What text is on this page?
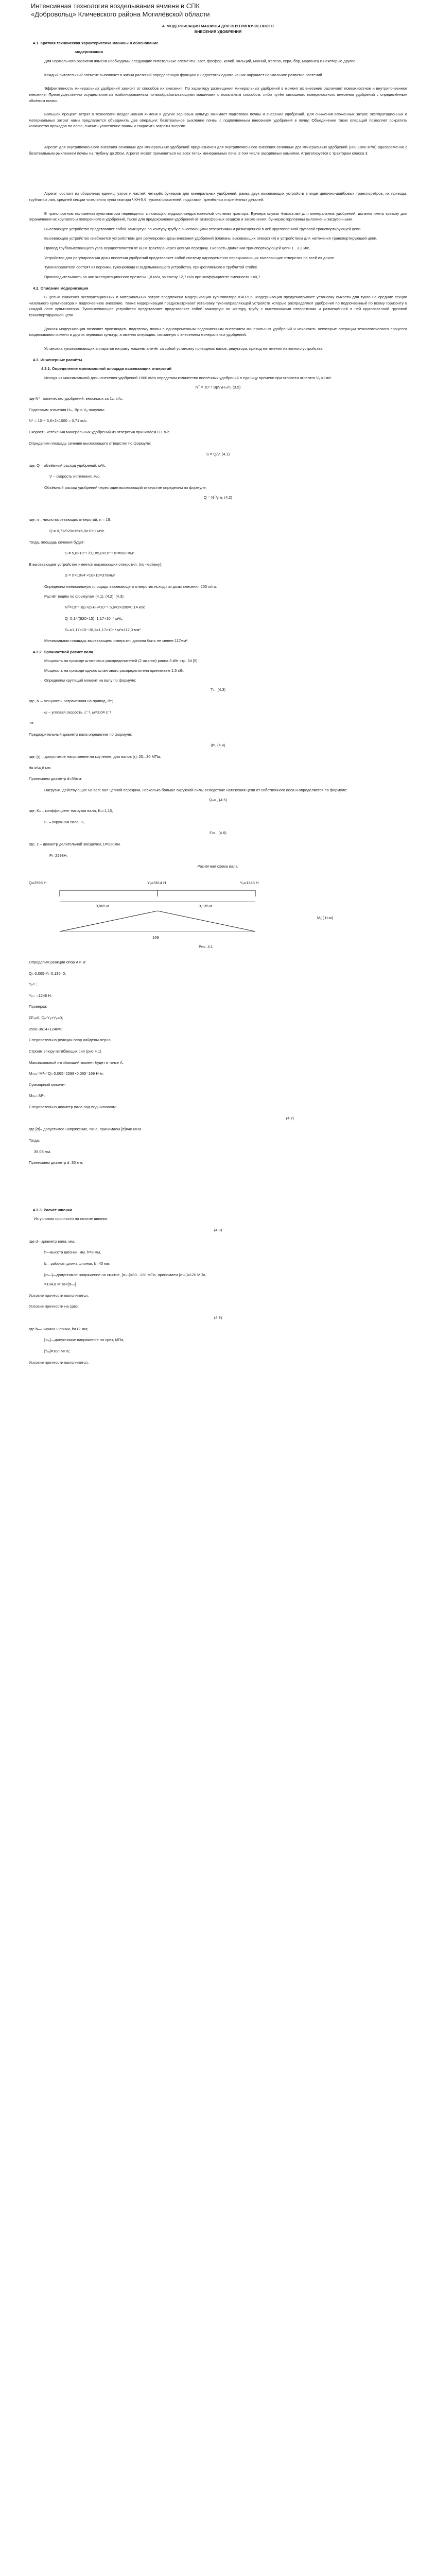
Интенсивная технология возделывания ячменя в СПК
«Добровольц» Кличевского района Могилёвской области
4. МОДЕРНИЗАЦИЯ МАШИНЫ ДЛЯ ВНУТРИПОЧВЕННОГО
ВНЕСЕНИЯ УДОБРЕНИЯ
4.1. Краткая техническая характеристика машины в обоснование
модернизации

Для нормального развития ячменя необходимы следующие питательные элементы: азот, фосфор, калий, кальций, магний, железо, сера, бор, марганец и некоторые другие.

Каждый питательный элемент выполняет в жизни растений определённую функцию и недостаток одного из них нарушает нормальное развитие растений.

Эффективность минеральных удобрений зависит от способов их внесения. По характеру размещения минеральных удобрений в момент их внесения различают поверхностное и внутрипочвенное внесение. Преимущественно осуществляется комбинированным почвообрабатывающими машинами с локальным способом, либо путём сплошного поверхностного внесения удобрений с определённым объёмом почвы.

Большой процент затрат в технологии возделывания ячменя и других зерновых культур занимает подготовка почвы и внесение удобрений. Для снижения вложенных затрат, эксплуатационных и материальных затрат нами предлагается объединить две операции: безотвальное рыхление почвы с подпочвенным внесением удобрений в почву. Объединение таких операций позволяет сократить количество проходов по полю, снизить уплотнение почвы и сократить затраты энергии.

Агрегат для внутрипочвенного внесения основных доз минеральных удобрений предназначен для внутрипочвенного внесения основных доз минеральных удобрений (200-1000 кг/га) одновременно с безотвальным рыхлением почвы на глубину до 20см. Агрегат может применяться на всех типах минеральных почв, в том числе засорённых камнями. Агрегатируется с трактором класса 3.

Агрегат состоит из сборочных единиц, узлов и частей: четырёх бункеров для минеральных удобрений, рамы, двух высевающих устройств в виде цепочно-шайбовых транспортёров, их привода, трубчатых лап, средней секции чизельного культиватора ЧКН-5,6, туконаправителей, подставки, крепёжных и крепёжных деталей.

В транспортном положении культиватора переводится с помощью гидроцилиндра навесной системы трактора. Бункера служат ёмкостями для минеральных удобрений, должны иметь крышку для ограничения их кругового и поперечного и удобрений, также для предохранения удобрений от атмосферных осадков и загрязнения, бункерах горловины выполнены загрузочными.

Высевающее устройство представляет собой замкнутую по контуру трубу с высевающими отверстиями и размещённой в ней круглозвенной грузовой транспортирующей цепи.

Высевающее устройство снабжается устройством для регулировки дозы внесения удобрений (клапаны высевающих отверстий) и устройством для натяжения транспортирующей цепи.

Привод трубовысевающего узла осуществляется от ВОМ трактора через цепную передачу. Скорость движения транспортирующей цепи 1...3,2 м/с.

Устройство для регулирования дозы внесения удобрений представляет собой систему одновременно перекрывающих высевающие отверстия по всей их длине.

Туконаправители состоят из воронки, туконровода и задельнвающего устройства, прикрепляемого к трубчатой стойке.

Производительность за час эксплуатационного времени 1,8 га/ч, за смену 12,7 га/ч при коэффициенте сменности К=0,7.

4.2. Описание модернизации

С целью снижения эксплуатационных и материальных затрат предложена модернизация культиватора КЧН-5,6. Модернизация предусматривает установку емкости для тукав на средние секции чизельного культиватора и подпочвенное внесение. Также модернизация предусматривает установку туконаправляющей устройств которые распределяют удобрения по подпочвенный по всему горизонту в каждой лапе культиватора. Туковысевающее устройство представляет представляет собой замкнутую по контуру трубу с высевающими отверстиями и размещённой в ней круглозвенной грузовой транспортирующей цепи.

Данная модернизация позволит производить подготовку почвы с одновременным подпочвенным внесением минеральных удобрений и исключить некоторые операции технологического процесса возделывания ячменя и других зерновых культур, а именно операцию, связанную с внесением минеральных удобрений.

Установка туковысевающих аппаратов на раму машины влечёт за собой установку приводных валов, редуктора, привод натяжения натяжного устройства.

4.3. Инженерные расчёты
4.3.1. Определение минимальной площади высевающих отверстий

Исходя из максимальной дозы внесения удобрений 1000 кг/га определим количество внесённых удобрений в единицу времени при скорости агрегата Vₐ =2м/с.

Nᵀ = 10⁻⁴ BpVₐHₘ/n, (3.5)
где Nᵀ– количество удобрений, вносимых за 1с, кг/с.
Подставим значения Hₘ, Bр и Vₐ получим:
Nᵀ = 10⁻⁴ 5,6×2×1000 = 0,71 кг/с.
Скорость истечения минеральных удобрений из отверстия принимаем 0,1 м/с.
Определим площадь сечения высевающего отверстия по формуле:
S = Q/V, (4.1)
где, Q – объёмный расход удобрений, м³/с;
V – скорость истечения, м/с.

Объёмный расход удобрений через один высевающий отверстие определим по формуле:

Q = Nᵀ/γ·n, (4.2)
где, n – число высевающих отверстий, n = 19.
Q = 0,71/920×15=5,8×10⁻⁵ м³/с.
Тогда, площадь сечения будет:
S = 5,8×10⁻⁵ /0,1=5,8×10⁻⁴ м²=580 мм²
В высевающем устройстве имеется высевающих отверстия: (по чертежу):
S = π×10²/4 ×10×10=378мм²

Определим минимальную площадь высевающего отверстия исходя из дозы внесения 200 кг/га:

Расчёт ведём по формулам (4.1), (4.2), (4.3):
Nᵀ=10⁻⁴·Bр·Vр·Hₘ=10⁻⁴·5,6×2×200=0,14 кг/с
Q=0,14/(920×15)=1,17×10⁻⁵ м³/с.
Sₘ=1,17×10⁻⁵/0,1=1,17×10⁻⁴ м²=117,0 мм²

Минимальная площадь высевающего отверстия должна быть не менее 117мм².

4.3.2. Прочностной расчет вала.

Мощность на приводе штанговых распределителей (2 штанги) равна 3 кВт стр. 34 [5].

Мощность на приводе одного штангового распределителя принимаем 1,5 кВт.

Определим крутящий момент на валу по формуле:

Tₙ , (4.3)
где, N – мощность, затраченная на привод, Вт;
ω – угловая скорость, с⁻¹, ω=3,04 с⁻¹
T=
Предварительный диаметр вала определим по формуле:
d=, (4.4)
где, [τ] – допустимое напряжение на кручение, для валов [τ]=25...30 МПа.
d= =54,8 мм.
Принимаем диаметр d=35мм.

Нагрузки, действующие на вал: вал цепной передачи, несколько больше окружной силы вследствие натяжения цепи от собственного веса и определяется по формуле:

Qₙ= , (4.5)
где, Kₙ – коэффициент нагрузки вала, Kₙ=1,15,
Fₜ – окружная сила, Н,
Fₜ= , (4.6)
где, z – диаметр делительной звездочки, D=230мм.
Fₜ=2598Н.
Расчётная схема вала.
Q=2598 Н	Yₐ=3614 Н	Yₑ=1248 Н
0,065 м	0,135 м
Mₓ ( Н·м)
169
Рис. 4.1
Определим реакции опор A и B:
Qₙ·0,065-Yₑ·0,135=0;
Yₑ= ;
Yₑ= =1248 Н;
Проверка:
ΣFᵧ=0; Qₙ-Yₐ+Yₑ=0;
2598-3614+1248=0
Следовательно реакции опор найдены верно.
Строим эпюру изгибающих сил (рис 4.1)
Максимальный изгибающий момент будет в точке A,
Mₘₐₓ=Mᴬₓ=Qₙ·0,065=2598×0,065=169 Н·м.
Суммарный момент:
Mₑₖᵥ=Mᴬ=
Следовательно диаметр вала под подшипником:
(4.7)
где [σ]– допустимое напряжение, МПа, принимаем [σ]=40 МПа.
Тогда:
35,03 мм.
Принимаем диаметр d=35 мм.
4.3.3. Расчет шпонки.
Из условия прочности на смятие шпонки:
(4.8)
где d—диаметр вала, мм,
h—высота шпонки, мм, h=8 мм,
lₚ—рабочая длина шпонки, lₚ=40 мм;

[σₛₘ]—допустимое напряжение на смятие, [σₛₘ]=80...120 МПа, принимаем [σₛₘ]=120 МПа,

=104,8 МПа<[σₛₘ]
Условие прочности выполняется.
Условие прочности на срез:
(4.9)
где b—ширина шпонки, b=12 мм;
[τₛₑ]—допустимое напряжение на срез, МПа,
[τₛₑ]=100 МПа;
Условие прочности выполняется.
